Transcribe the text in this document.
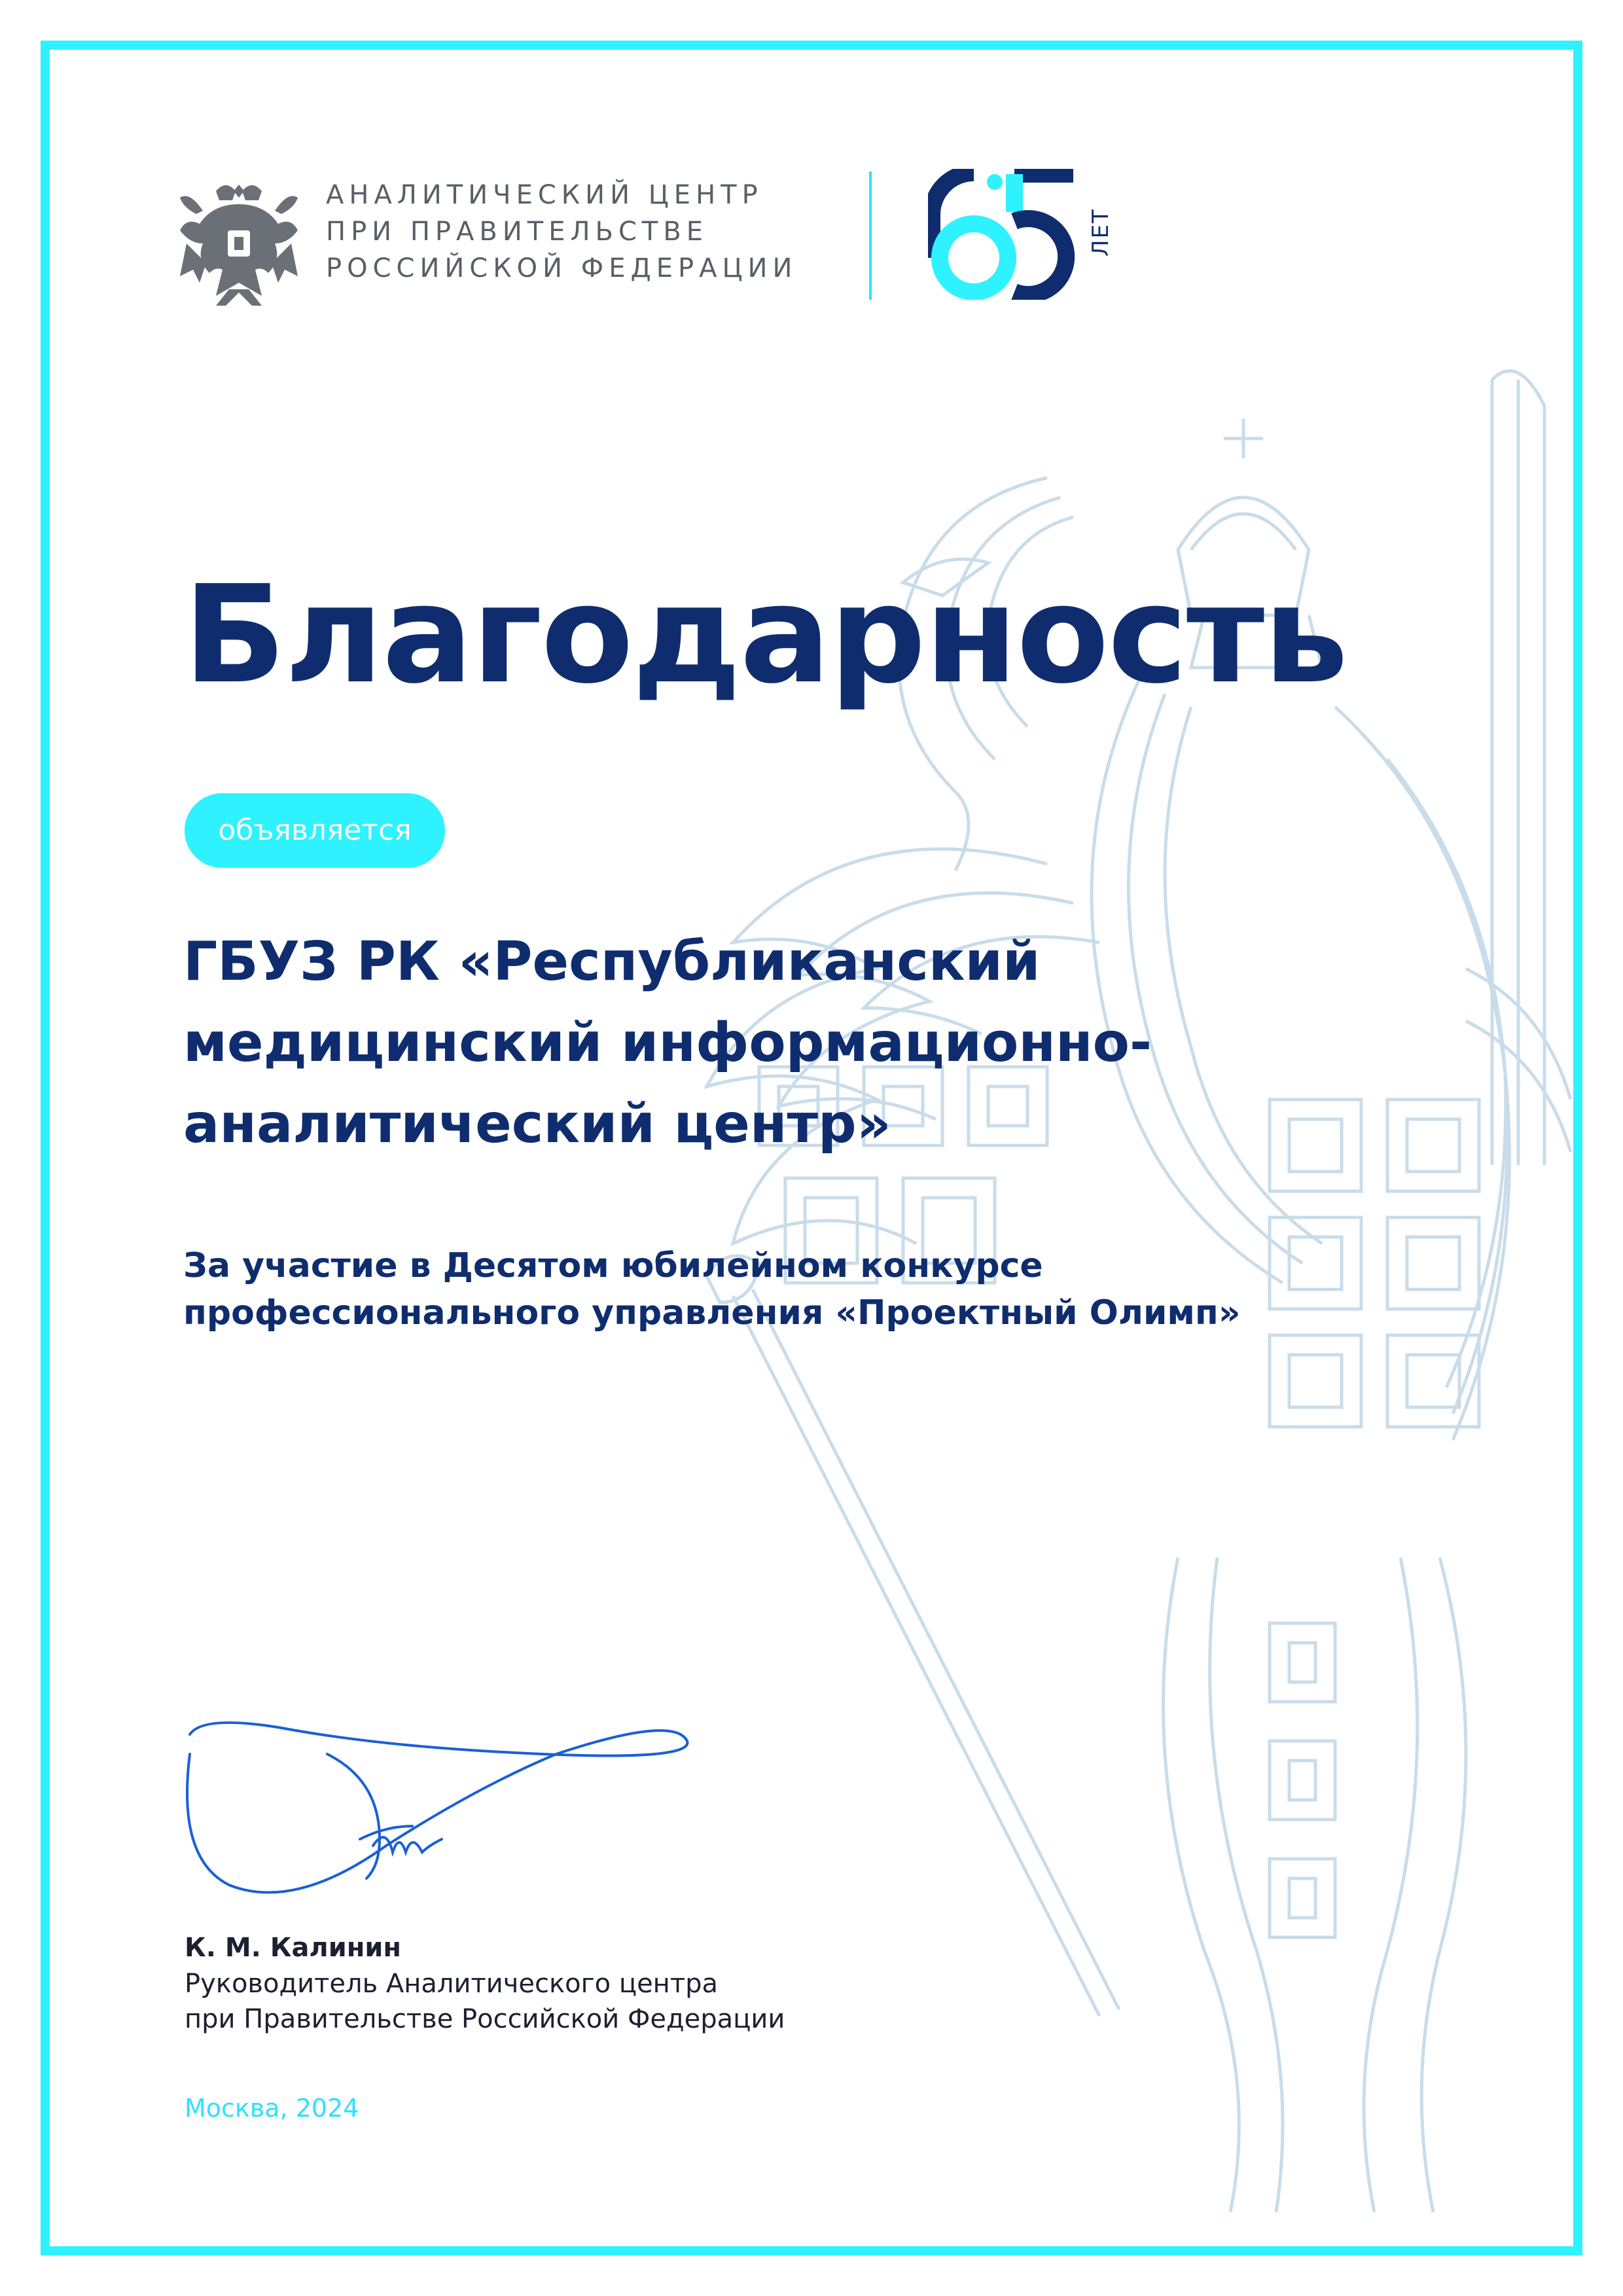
АНАЛИТИЧЕСКИЙ ЦЕНТР
ПРИ ПРАВИТЕЛЬСТВЕ
РОССИЙСКОЙ ФЕДЕРАЦИИ
ЛЕТ
Благодарность
объявляется
ГБУЗ РК «Республиканский
медицинский информационно-
аналитический центр»
За участие в Десятом юбилейном конкурсе
профессионального управления «Проектный Олимп»
К. М. Калинин
Руководитель Аналитического центра
при Правительстве Российской Федерации
Москва, 2024
